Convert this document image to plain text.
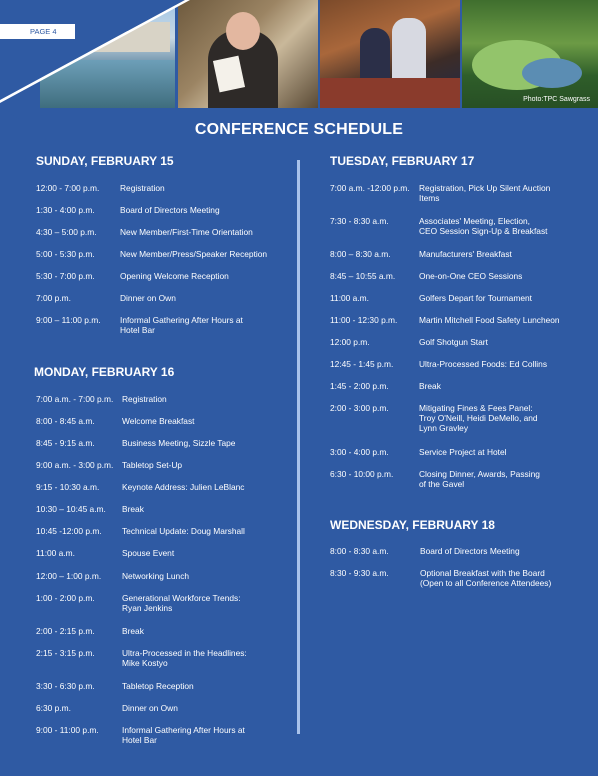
Photo:TPC Sawgrass
PAGE 4
CONFERENCE SCHEDULE
SUNDAY, FEBRUARY 15
12:00 - 7:00 p.m. Registration
1:30 - 4:00 p.m.	Board of Directors Meeting
4:30 – 5:00 p.m.	New Member/First-Time Orientation
5:00 - 5:30 p.m.	New Member/Press/Speaker Reception
5:30 - 7:00 p.m.	Opening Welcome Reception
7:00 p.m.	Dinner on Own
9:00 – 11:00 p.m. Informal Gathering After Hours at
Hotel Bar
MONDAY, FEBRUARY 16
7:00 a.m. - 7:00 p.m. Registration
8:00 - 8:45 a.m.	Welcome Breakfast
8:45 - 9:15 a.m.	Business Meeting, Sizzle Tape
9:00 a.m. - 3:00 p.m. Tabletop Set-Up
9:15 - 10:30 a.m.	Keynote Address: Julien LeBlanc
10:30 – 10:45 a.m. Break
10:45 -12:00 p.m. Technical Update: Doug Marshall
11:00 a.m.	Spouse Event
12:00 – 1:00 p.m. Networking Lunch
1:00 - 2:00 p.m.	Generational Workforce Trends:
Ryan Jenkins
2:00 - 2:15 p.m.	Break
2:15 - 3:15 p.m.	Ultra-Processed in the Headlines:
Mike Kostyo
3:30 - 6:30 p.m.	Tabletop Reception
6:30 p.m.	Dinner on Own
9:00 - 11:00 p.m.	Informal Gathering After Hours at
Hotel Bar
TUESDAY, FEBRUARY 17
7:00 a.m. -12:00 p.m. Registration, Pick Up Silent Auction
Items
7:30 - 8:30 a.m.	Associates' Meeting, Election,
CEO Session Sign-Up & Breakfast
8:00 – 8:30 a.m.	Manufacturers' Breakfast
8:45 – 10:55 a.m.	One-on-One CEO Sessions
11:00 a.m.	Golfers Depart for Tournament
11:00 - 12:30 p.m.	Martin Mitchell Food Safety Luncheon
12:00 p.m.	Golf Shotgun Start
12:45 - 1:45 p.m.	Ultra-Processed Foods: Ed Collins
1:45 - 2:00 p.m.	Break
2:00 - 3:00 p.m.	Mitigating Fines & Fees Panel:
Troy O'Neill, Heidi DeMello, and
Lynn Gravley
3:00 - 4:00 p.m.	Service Project at Hotel
6:30 - 10:00 p.m.	Closing Dinner, Awards, Passing
of the Gavel
WEDNESDAY, FEBRUARY 18
8:00 - 8:30 a.m.	Board of Directors Meeting
8:30 - 9:30 a.m.	Optional Breakfast with the Board
(Open to all Conference Attendees)
